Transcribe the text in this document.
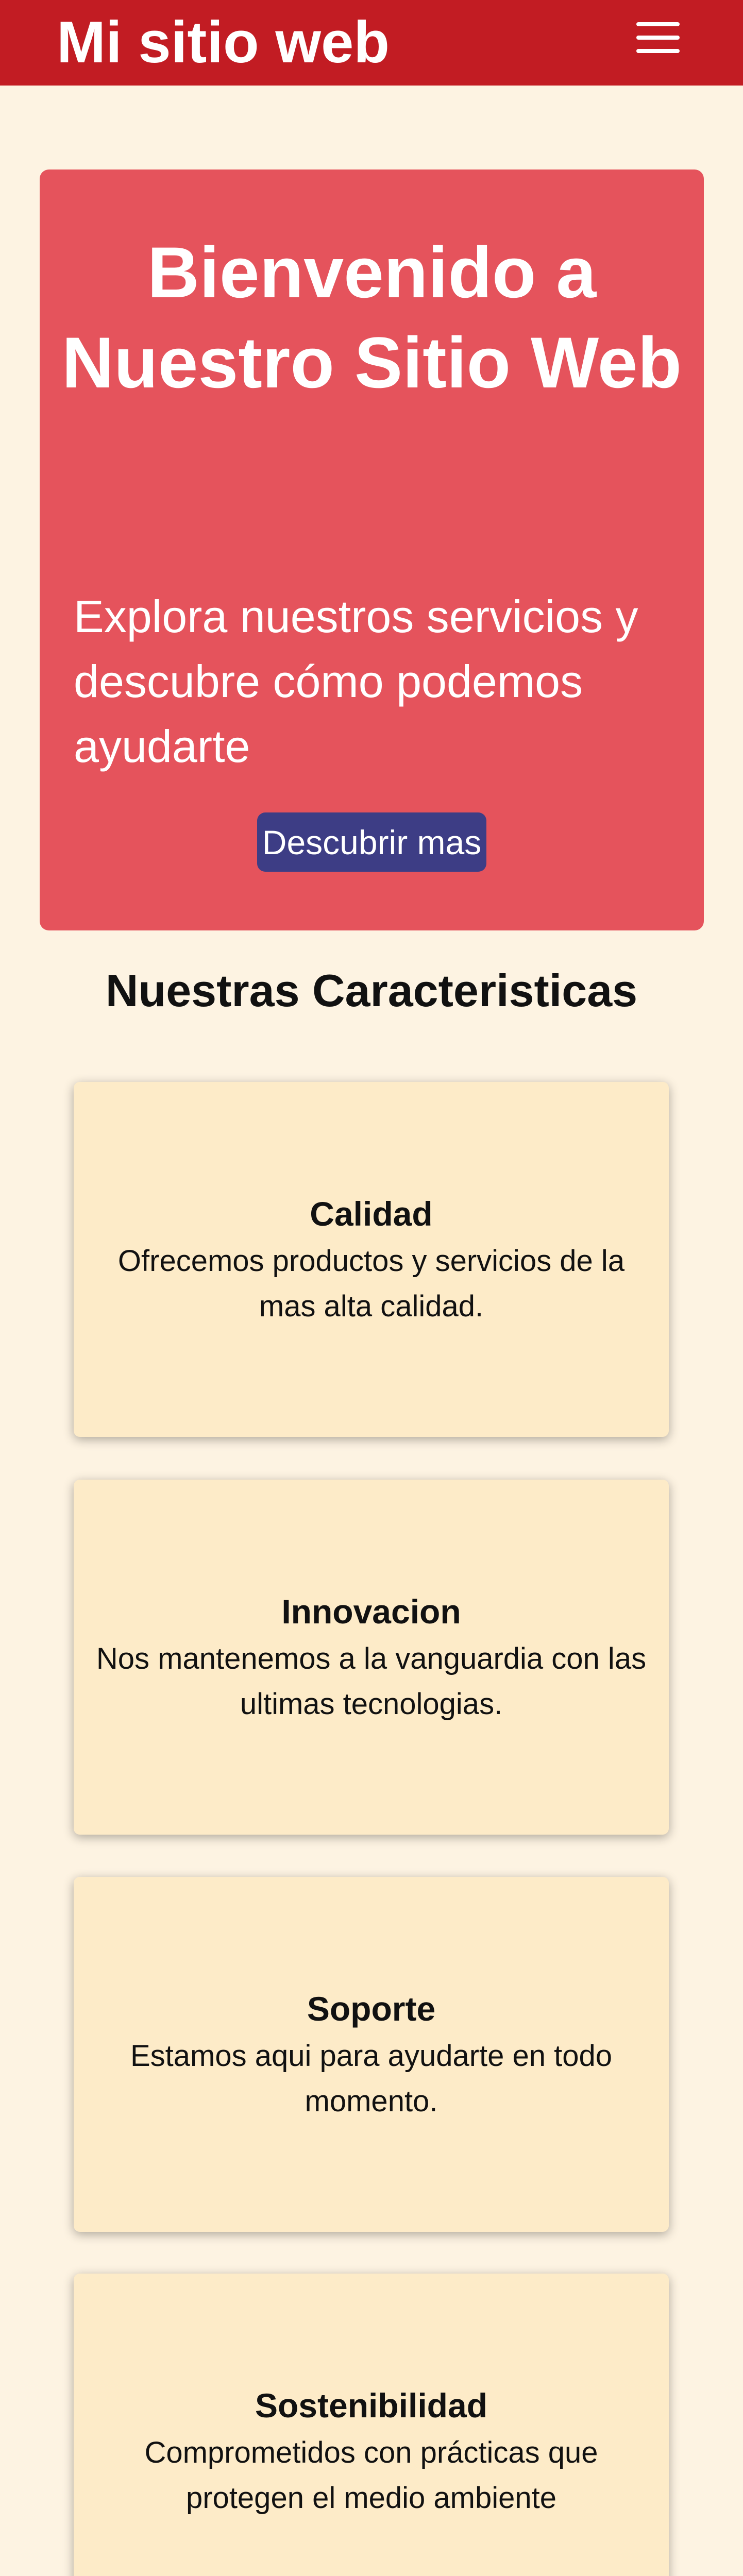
Mi sitio web
Bienvenido a Nuestro Sitio Web

Explora nuestros servicios y descubre cómo podemos ayudarte

Descubrir mas
Nuestras Caracteristicas
Calidad

Ofrecemos productos y servicios de la mas alta calidad.

Innovacion

Nos mantenemos a la vanguardia con las ultimas tecnologias.

Soporte

Estamos aqui para ayudarte en todo momento.

Sostenibilidad

Comprometidos con prácticas que protegen el medio ambiente
